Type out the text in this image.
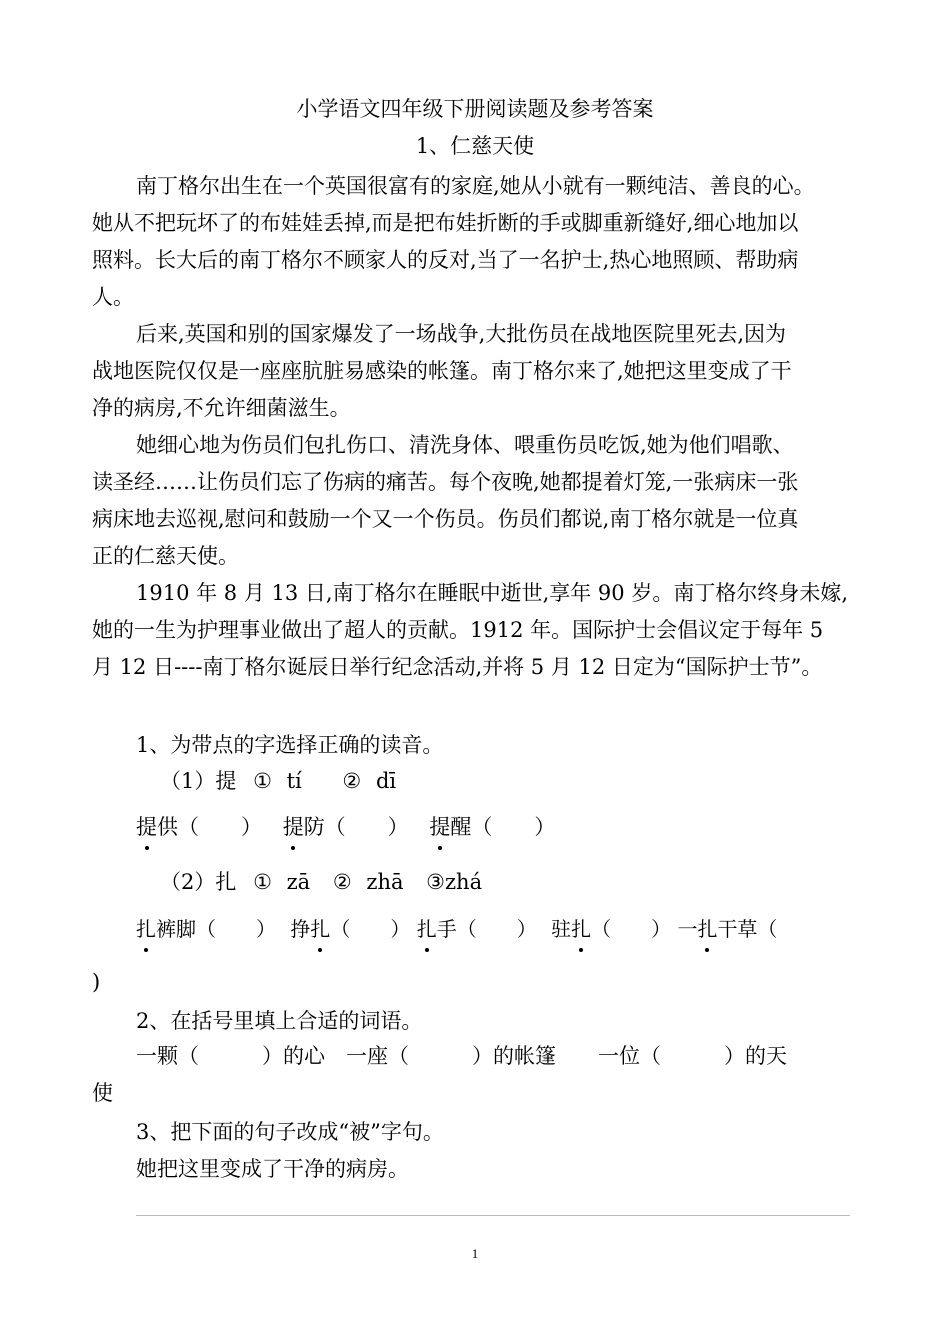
小学语文四年级下册阅读题及参考答案
1、仁慈天使
南丁格尔出生在一个英国很富有的家庭,她从小就有一颗纯洁、善良的心。
她从不把玩坏了的布娃娃丢掉,而是把布娃折断的手或脚重新缝好,细心地加以
照料。长大后的南丁格尔不顾家人的反对,当了一名护士,热心地照顾、帮助病
人。
后来,英国和别的国家爆发了一场战争,大批伤员在战地医院里死去,因为
战地医院仅仅是一座座肮脏易感染的帐篷。南丁格尔来了,她把这里变成了干
净的病房,不允许细菌滋生。
她细心地为伤员们包扎伤口、清洗身体、喂重伤员吃饭,她为他们唱歌、
读圣经……让伤员们忘了伤病的痛苦。每个夜晚,她都提着灯笼,一张病床一张
病床地去巡视,慰问和鼓励一个又一个伤员。伤员们都说,南丁格尔就是一位真
正的仁慈天使。
1910 年 8 月 13 日,南丁格尔在睡眠中逝世,享年 90 岁。南丁格尔终身未嫁,
她的一生为护理事业做出了超人的贡献。1912 年。国际护士会倡议定于每年 5
月 12 日----南丁格尔诞辰日举行纪念活动,并将 5 月 12 日定为“国际护士节”。
1、为带点的字选择正确的读音。
（1）提 ① tí ② dī
提供（　　） 提防（　　） 提醒（　　）
（2）扎 ① zā ② zhā ③zhá
扎裤脚（　　） 挣扎（　　） 扎手（　　） 驻扎（　　） 一扎干草（
)
2、在括号里填上合适的词语。
一颗（　　　）的心　一座（　　　）的帐篷　　一位（　　　）的天
使
3、把下面的句子改成“被”字句。
她把这里变成了干净的病房。
1
